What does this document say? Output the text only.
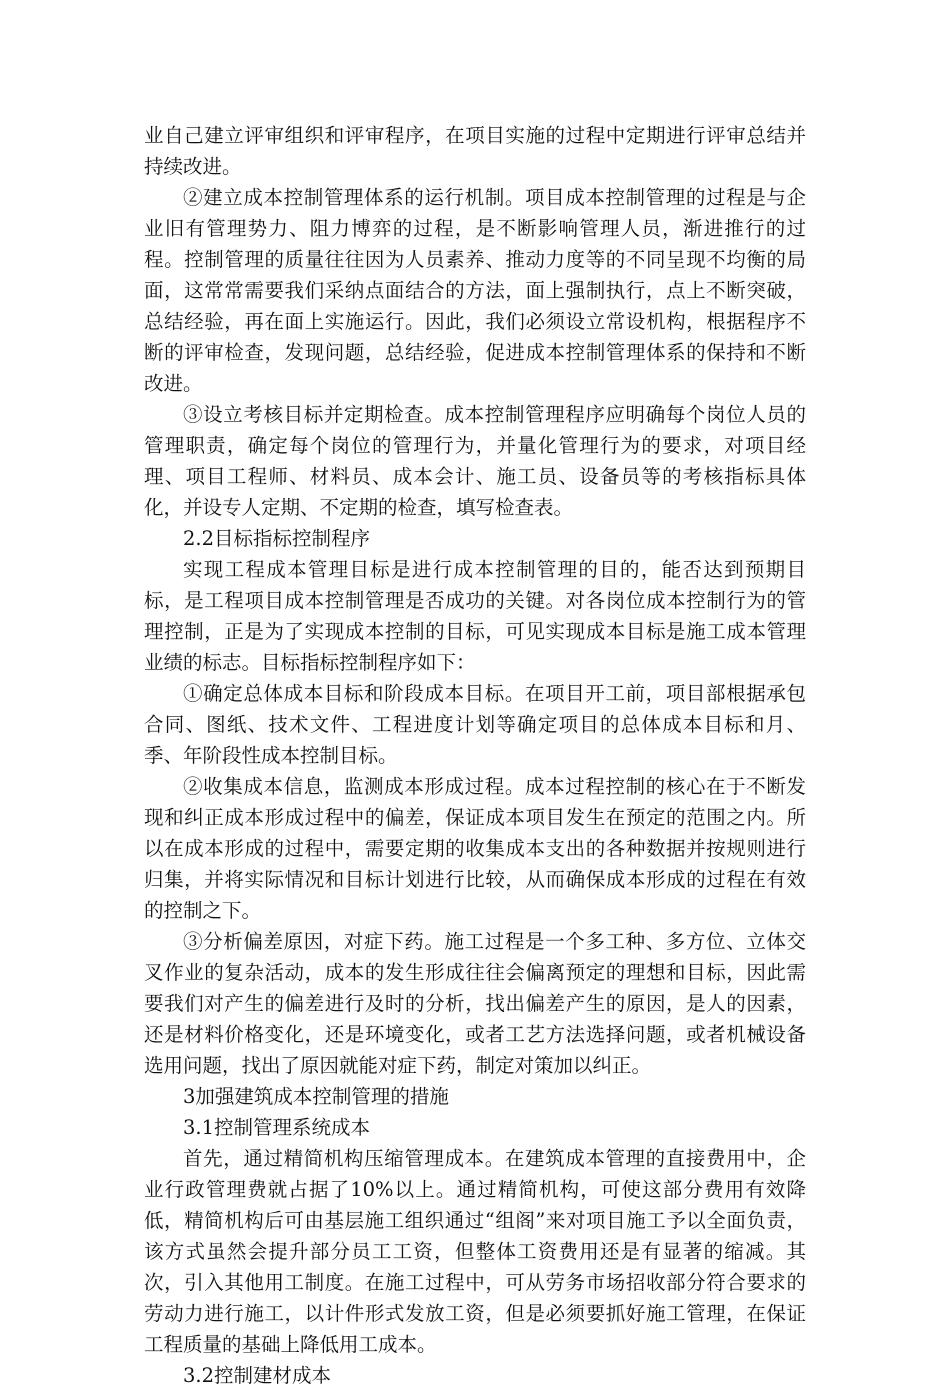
业自己建立评审组织和评审程序，在项目实施的过程中定期进行评审总结并持续改进。

②建立成本控制管理体系的运行机制。项目成本控制管理的过程是与企业旧有管理势力、阻力博弈的过程，是不断影响管理人员，渐进推行的过程。控制管理的质量往往因为人员素养、推动力度等的不同呈现不均衡的局面，这常常需要我们采纳点面结合的方法，面上强制执行，点上不断突破，总结经验，再在面上实施运行。因此，我们必须设立常设机构，根据程序不断的评审检查，发现问题，总结经验，促进成本控制管理体系的保持和不断改进。

③设立考核目标并定期检查。成本控制管理程序应明确每个岗位人员的管理职责，确定每个岗位的管理行为，并量化管理行为的要求，对项目经理、项目工程师、材料员、成本会计、施工员、设备员等的考核指标具体化，并设专人定期、不定期的检查，填写检查表。

2.2目标指标控制程序

实现工程成本管理目标是进行成本控制管理的目的，能否达到预期目标，是工程项目成本控制管理是否成功的关键。对各岗位成本控制行为的管理控制，正是为了实现成本控制的目标，可见实现成本目标是施工成本管理业绩的标志。目标指标控制程序如下：

①确定总体成本目标和阶段成本目标。在项目开工前，项目部根据承包合同、图纸、技术文件、工程进度计划等确定项目的总体成本目标和月、季、年阶段性成本控制目标。

②收集成本信息，监测成本形成过程。成本过程控制的核心在于不断发现和纠正成本形成过程中的偏差，保证成本项目发生在预定的范围之内。所以在成本形成的过程中，需要定期的收集成本支出的各种数据并按规则进行归集，并将实际情况和目标计划进行比较，从而确保成本形成的过程在有效的控制之下。

③分析偏差原因，对症下药。施工过程是一个多工种、多方位、立体交叉作业的复杂活动，成本的发生形成往往会偏离预定的理想和目标，因此需要我们对产生的偏差进行及时的分析，找出偏差产生的原因，是人的因素，还是材料价格变化，还是环境变化，或者工艺方法选择问题，或者机械设备选用问题，找出了原因就能对症下药，制定对策加以纠正。

3加强建筑成本控制管理的措施

3.1控制管理系统成本

首先，通过精简机构压缩管理成本。在建筑成本管理的直接费用中，企业行政管理费就占据了10%以上。通过精简机构，可使这部分费用有效降低，精简机构后可由基层施工组织通过“组阁”来对项目施工予以全面负责，该方式虽然会提升部分员工工资，但整体工资费用还是有显著的缩减。其次，引入其他用工制度。在施工过程中，可从劳务市场招收部分符合要求的劳动力进行施工，以计件形式发放工资，但是必须要抓好施工管理，在保证工程质量的基础上降低用工成本。

3.2控制建材成本
